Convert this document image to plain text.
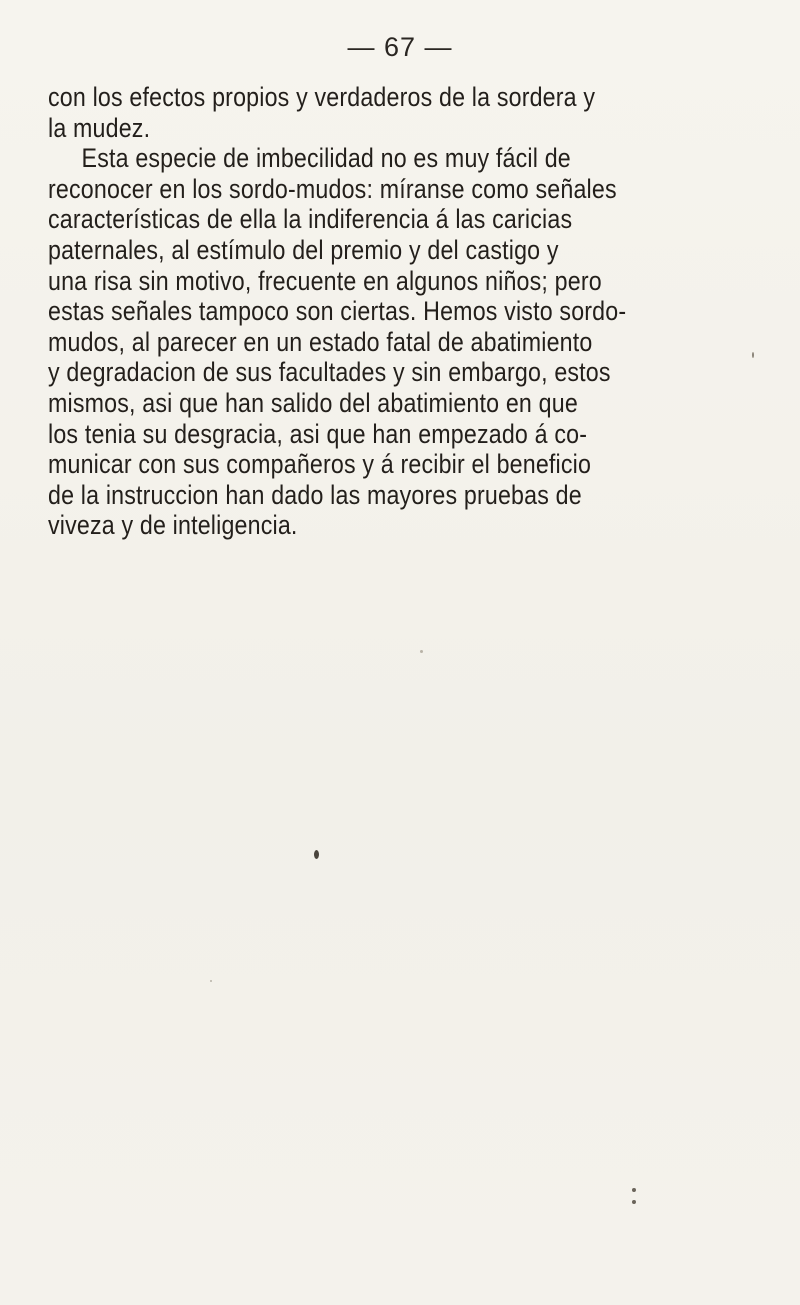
— 67 —
con los efectos propios y verdaderos de la sordera y
la mudez.
Esta especie de imbecilidad no es muy fácil de
reconocer en los sordo-mudos: míranse como señales
características de ella la indiferencia á las caricias
paternales, al estímulo del premio y del castigo y
una risa sin motivo, frecuente en algunos niños; pero
estas señales tampoco son ciertas. Hemos visto sordo-
mudos, al parecer en un estado fatal de abatimiento
y degradacion de sus facultades y sin embargo, estos
mismos, asi que han salido del abatimiento en que
los tenia su desgracia, asi que han empezado á co-
municar con sus compañeros y á recibir el beneficio
de la instruccion han dado las mayores pruebas de
viveza y de inteligencia.
